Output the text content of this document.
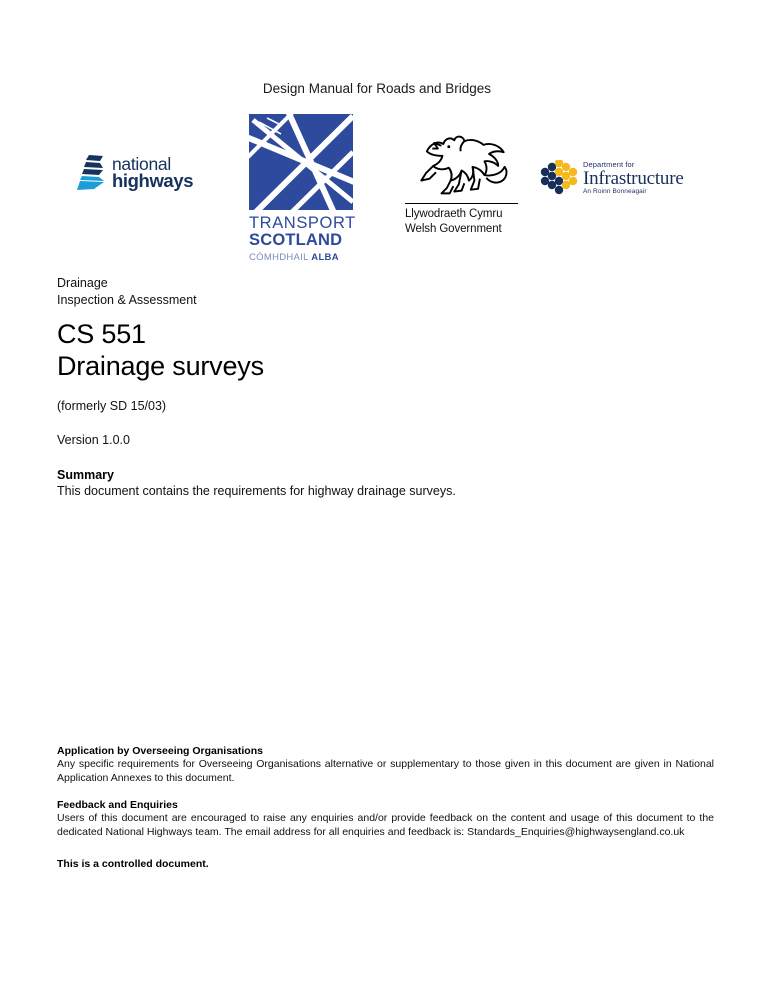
Design Manual for Roads and Bridges
national
highways
TRANSPORT
SCOTLAND
CÒMHDHAIL ALBA
Llywodraeth Cymru
Welsh Government
Department for
Infrastructure
An Roinn Bonneagair
Drainage
Inspection & Assessment
CS 551
Drainage surveys
(formerly SD 15/03)
Version 1.0.0
Summary
This document contains the requirements for highway drainage surveys.
Application by Overseeing Organisations
Any specific requirements for Overseeing Organisations alternative or supplementary to those given in this document are given in National Application Annexes to this document.
Feedback and Enquiries
Users of this document are encouraged to raise any enquiries and/or provide feedback on the content and usage of this document to the dedicated National Highways team. The email address for all enquiries and feedback is: Standards_Enquiries@highwaysengland.co.uk
This is a controlled document.
